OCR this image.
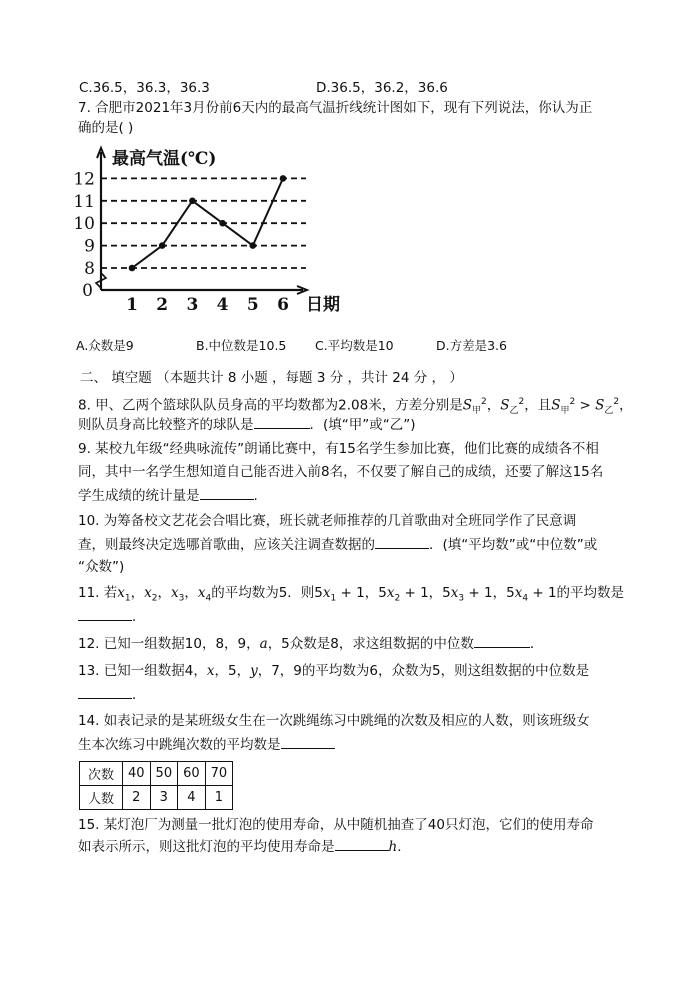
C.36.5，36.3，36.3	D.36.5，36.2，36.6
7. 合肥市2021年3月份前6天内的最高气温折线统计图如下，现有下列说法，你认为正
确的是( )
最高气温(℃)
8
9
10
11
12
0
1 2 3 4 5 6 日期
A.众数是9	B.中位数是10.5 C.平均数是10	D.方差是3.6
二、 填空题 （本题共计 8 小题 ，每题 3 分 ，共计 24 分 ， ）
8. 甲、乙两个篮球队队员身高的平均数都为2.08米，方差分别是$S_甲^2$，$S_乙^2$，且$S_甲^2 > S_乙^2$，
则队员身高比较整齐的球队是	．(填“甲”或“乙”)
9. 某校九年级“经典咏流传”朗诵比赛中，有15名学生参加比赛，他们比赛的成绩各不相
同，其中一名学生想知道自己能否进入前8名，不仅要了解自己的成绩，还要了解这15名
学生成绩的统计量是	.
10. 为筹备校文艺花会合唱比赛，班长就老师推荐的几首歌曲对全班同学作了民意调
查，则最终决定选哪首歌曲，应该关注调查数据的	．(填“平均数”或“中位数”或
“众数”)
11. 若$x_1$，$x_2$，$x_3$，$x_4$的平均数为5．则$5x_1 + 1$，$5x_2 + 1$，$5x_3 + 1$，$5x_4 + 1$的平均数是
．
12. 已知一组数据10，8，9，a，5众数是8，求这组数据的中位数	．
13. 已知一组数据4，x，5，y，7，9的平均数为6，众数为5，则这组数据的中位数是
．
14. 如表记录的是某班级女生在一次跳绳练习中跳绳的次数及相应的人数，则该班级女
生本次练习中跳绳次数的平均数是
次数	40	50	60	70
人数	2	3	4	1
15. 某灯泡厂为测量一批灯泡的使用寿命，从中随机抽查了40只灯泡，它们的使用寿命
如表示所示，则这批灯泡的平均使用寿命是	h.
